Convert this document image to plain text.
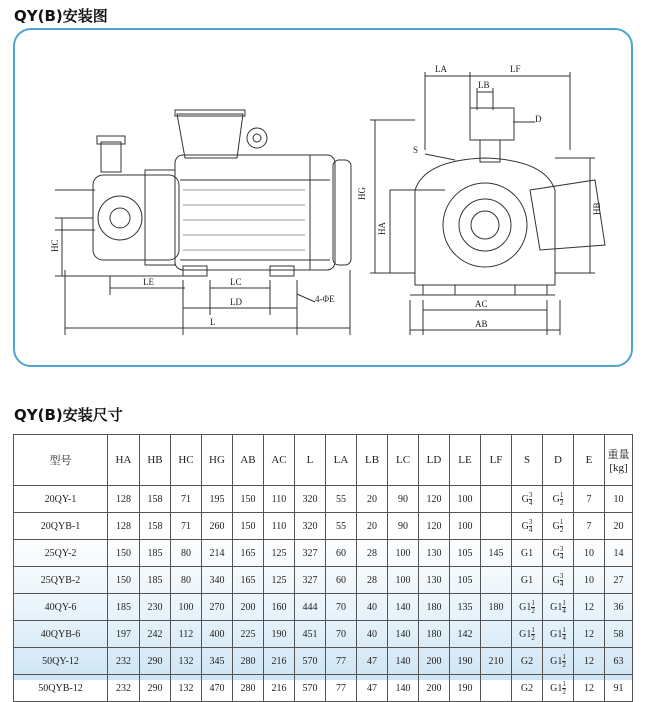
QY(B)安装图
LA	LF
LB
D
S
HG
HA
HB
HC
LE	LC
LD
L
4-ΦE	AC
AB
QY(B)安装尺寸
型号	HA	HB	HC	HG	AB	AC	L	LA	LB	LC	LD	LE	LF	S	D	E	重量
[kg]
20QY-1	128	158	71	195	150	110	320	55	20	90	120	100		G $\frac{3}{4}$	G $\frac{1}{2}$	7	10
20QYB-1	128	158	71	260	150	110	320	55	20	90	120	100		G $\frac{3}{4}$	G $\frac{1}{2}$	7	20
25QY-2	150	185	80	214	165	125	327	60	28	100	130	105	145	G1	G $\frac{3}{4}$	10	14
25QYB-2	150	185	80	340	165	125	327	60	28	100	130	105		G1	G $\frac{3}{4}$	10	27
40QY-6	185	230	100	270	200	160	444	70	40	140	180	135	180	$G1 \frac{1}{2}$	$G1 \frac{1}{4}$	12	36
40QYB-6	197	242	112	400	225	190	451	70	40	140	180	142		$G1 \frac{1}{2}$	$G1 \frac{1}{4}$	12	58
50QY-12	232	290	132	345	280	216	570	77	47	140	200	190	210	G2	$G1 \frac{1}{2}$	12	63
50QYB-12	232	290	132	470	280	216	570	77	47	140	200	190		G2	$G1 \frac{1}{2}$	12	91
